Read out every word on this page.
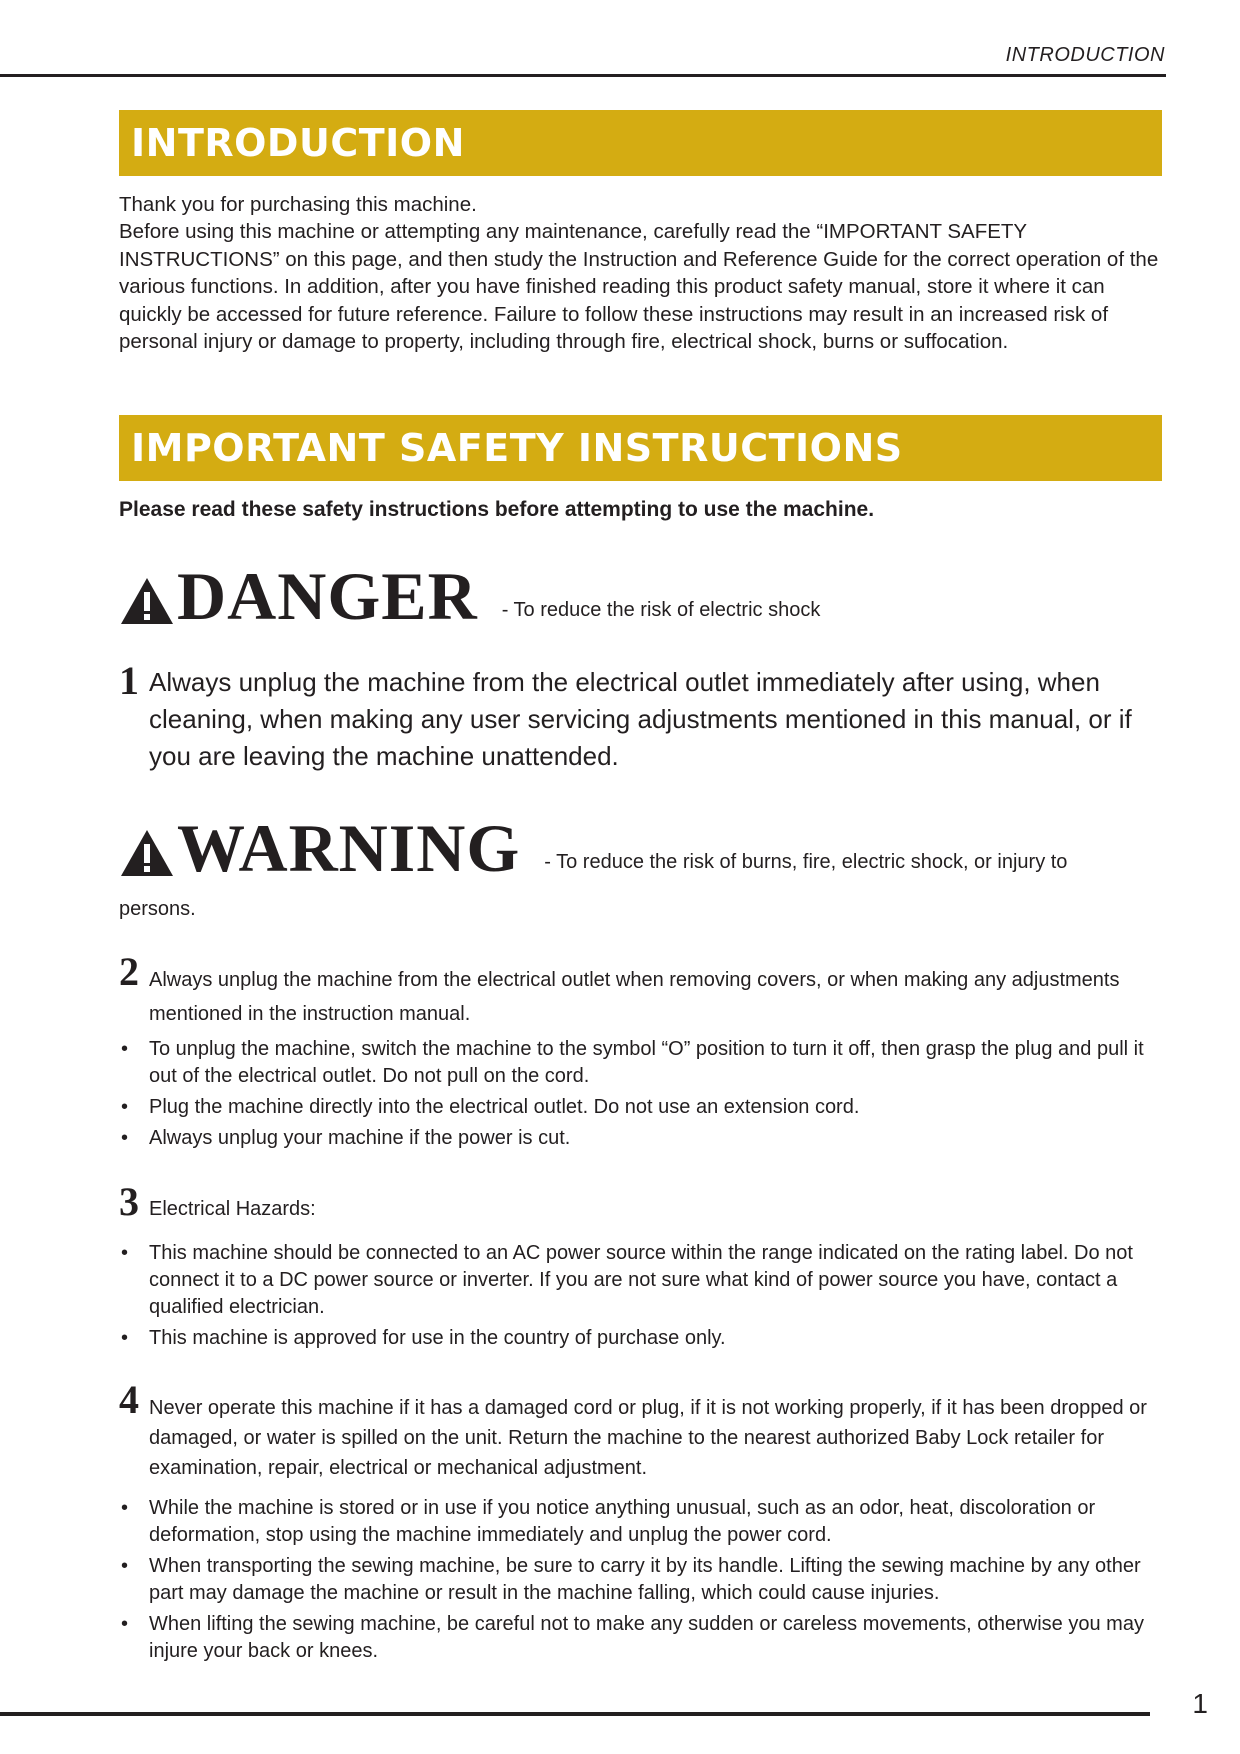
INTRODUCTION
INTRODUCTION

Thank you for purchasing this machine.
Before using this machine or attempting any maintenance, carefully read the “IMPORTANT SAFETY INSTRUCTIONS” on this page, and then study the Instruction and Reference Guide for the correct operation of the various functions. In addition, after you have finished reading this product safety manual, store it where it can quickly be accessed for future reference. Failure to follow these instructions may result in an increased risk of personal injury or damage to property, including through fire, electrical shock, burns or suffocation.

IMPORTANT SAFETY INSTRUCTIONS
Please read these safety instructions before attempting to use the machine.
DANGER - To reduce the risk of electric shock
1 Always unplug the machine from the electrical outlet immediately after using, when cleaning, when making any user servicing adjustments mentioned in this manual, or if you are leaving the machine unattended.
WARNING - To reduce the risk of burns, fire, electric shock, or injury to
persons.
2 Always unplug the machine from the electrical outlet when removing covers, or when making any adjustments mentioned in the instruction manual.
• To unplug the machine, switch the machine to the symbol “O” position to turn it off, then grasp the plug and pull it out of the electrical outlet. Do not pull on the cord.
• Plug the machine directly into the electrical outlet. Do not use an extension cord.
• Always unplug your machine if the power is cut.
3 Electrical Hazards:
• This machine should be connected to an AC power source within the range indicated on the rating label. Do not connect it to a DC power source or inverter. If you are not sure what kind of power source you have, contact a qualified electrician.
• This machine is approved for use in the country of purchase only.
4 Never operate this machine if it has a damaged cord or plug, if it is not working properly, if it has been dropped or damaged, or water is spilled on the unit. Return the machine to the nearest authorized Baby Lock retailer for examination, repair, electrical or mechanical adjustment.
• While the machine is stored or in use if you notice anything unusual, such as an odor, heat, discoloration or deformation, stop using the machine immediately and unplug the power cord.
• When transporting the sewing machine, be sure to carry it by its handle. Lifting the sewing machine by any other part may damage the machine or result in the machine falling, which could cause injuries.
• When lifting the sewing machine, be careful not to make any sudden or careless movements, otherwise you may injure your back or knees.
1
